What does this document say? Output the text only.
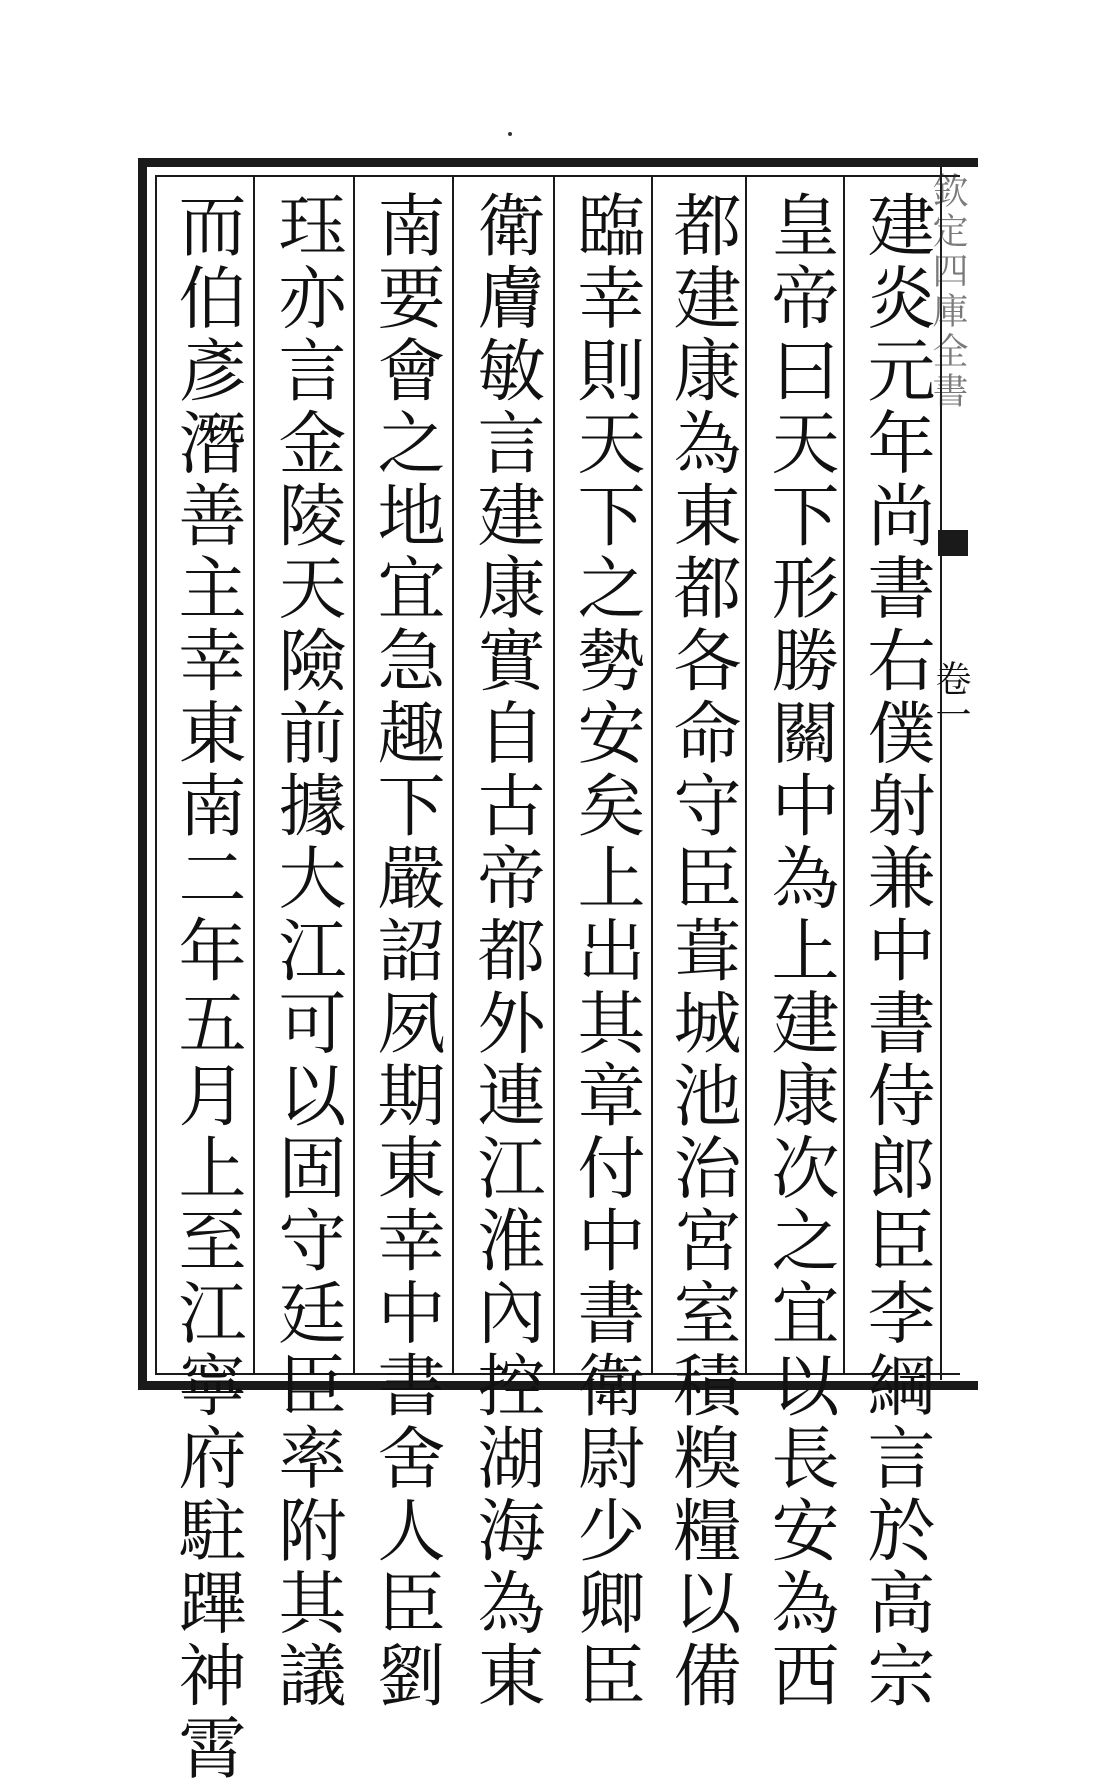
欽定四庫全書
卷一
建炎元年尚書右僕射兼中書侍郎臣李綱言於高宗
皇帝曰天下形勝關中為上建康次之宜以長安為西
都建康為東都各命守臣葺城池治宮室積糗糧以備
臨幸則天下之勢安矣上出其章付中書衛尉少卿臣
衛膚敏言建康實自古帝都外連江淮內控湖海為東
南要會之地宜急趣下嚴詔夙期東幸中書舍人臣劉
珏亦言金陵天險前據大江可以固守廷臣率附其議
而伯彥潛善主幸東南二年五月上至江寧府駐蹕神霄
